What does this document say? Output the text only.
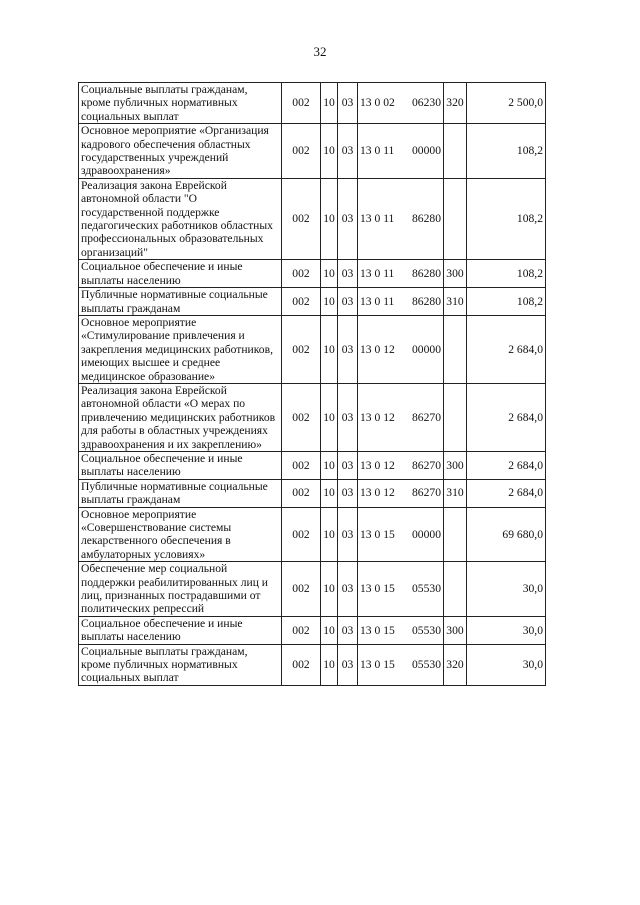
32
Социальные выплаты гражданам, кроме публичных нормативных социальных выплат	002	10	03	13 0 02 06230	320	2 500,0
Основное мероприятие «Организация кадрового обеспечения областных государственных учреждений здравоохранения»	002	10	03	13 0 11 00000		108,2
Реализация закона Еврейской автономной области "О государственной поддержке педагогических работников областных профессиональных образовательных организаций"	002	10	03	13 0 11 86280		108,2
Социальное обеспечение и иные выплаты населению	002	10	03	13 0 11 86280	300	108,2
Публичные нормативные социальные выплаты гражданам	002	10	03	13 0 11 86280	310	108,2
Основное мероприятие «Стимулирование привлечения и закрепления медицинских работников, имеющих высшее и среднее медицинское образование»	002	10	03	13 0 12 00000		2 684,0
Реализация закона Еврейской автономной области «О мерах по привлечению медицинских работников для работы в областных учреждениях здравоохранения и их закреплению»	002	10	03	13 0 12 86270		2 684,0
Социальное обеспечение и иные выплаты населению	002	10	03	13 0 12 86270	300	2 684,0
Публичные нормативные социальные выплаты гражданам	002	10	03	13 0 12 86270	310	2 684,0
Основное мероприятие «Совершенствование системы лекарственного обеспечения в амбулаторных условиях»	002	10	03	13 0 15 00000		69 680,0
Обеспечение мер социальной поддержки реабилитированных лиц и лиц, признанных пострадавшими от политических репрессий	002	10	03	13 0 15 05530		30,0
Социальное обеспечение и иные выплаты населению	002	10	03	13 0 15 05530	300	30,0
Социальные выплаты гражданам, кроме публичных нормативных социальных выплат	002	10	03	13 0 15 05530	320	30,0
